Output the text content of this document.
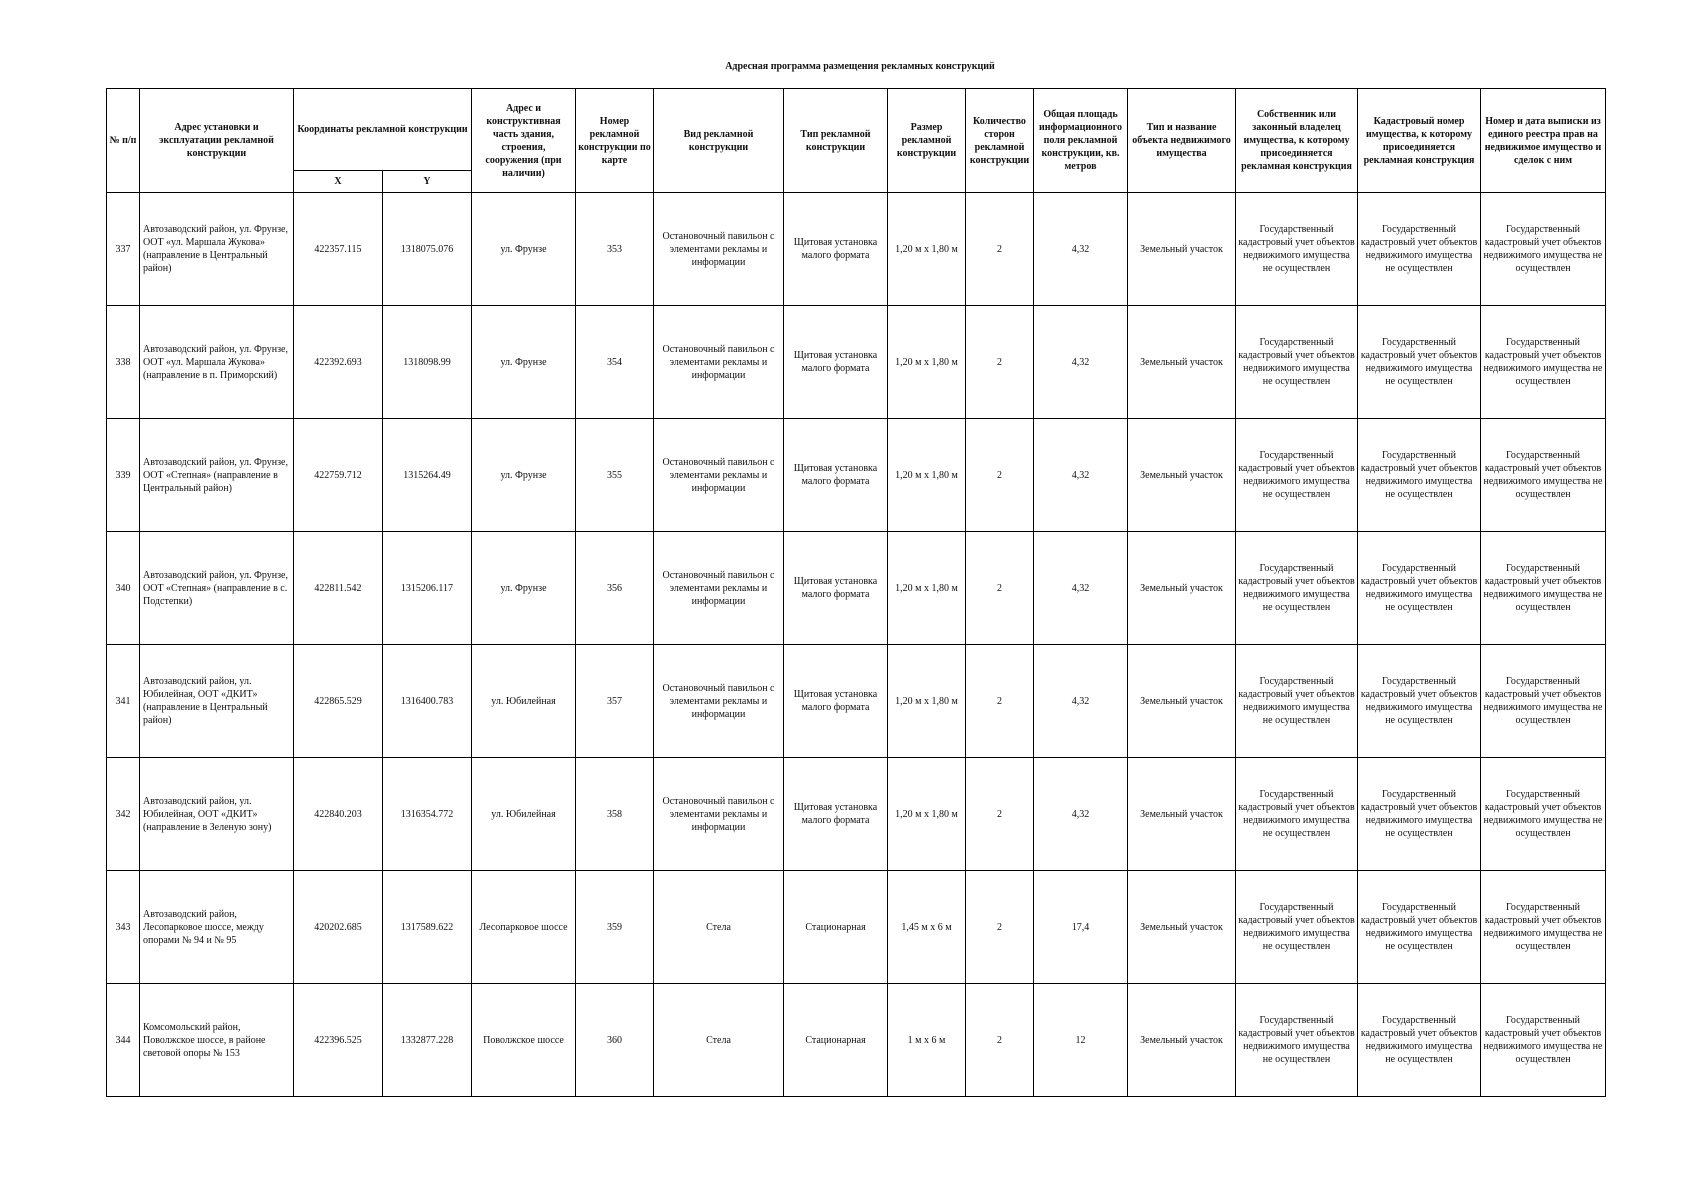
Адресная программа размещения рекламных конструкций
№ п/п	Адрес установки и эксплуатации рекламной конструкции	Координаты рекламной конструкции		Адрес и конструктивная часть здания, строения, сооружения (при наличии)	Номер рекламной конструкции по карте	Вид рекламной конструкции	Тип рекламной конструкции	Размер рекламной конструкции	Количество сторон рекламной конструкции	Общая площадь информационного поля рекламной конструкции, кв. метров	Тип и название объекта недвижимого имущества	Собственник или законный владелец имущества, к которому присоединяется рекламная конструкция	Кадастровый номер имущества, к которому присоединяется рекламная конструкция	Номер и дата выписки из единого реестра прав на недвижимое имущество и сделок с ним
		X	Y											
337	Автозаводский район, ул. Фрунзе, ООТ «ул. Маршала Жукова» (направление в Центральный район)	422357.115	1318075.076	ул. Фрунзе	353	Остановочный павильон с элементами рекламы и информации	Щитовая установка малого формата	1,20 м х 1,80 м	2	4,32	Земельный участок	Государственный кадастровый учет объектов недвижимого имущества не осуществлен	Государственный кадастровый учет объектов недвижимого имущества не осуществлен	Государственный кадастровый учет объектов недвижимого имущества не осуществлен
338	Автозаводский район, ул. Фрунзе, ООТ «ул. Маршала Жукова» (направление в п. Приморский)	422392.693	1318098.99	ул. Фрунзе	354	Остановочный павильон с элементами рекламы и информации	Щитовая установка малого формата	1,20 м х 1,80 м	2	4,32	Земельный участок	Государственный кадастровый учет объектов недвижимого имущества не осуществлен	Государственный кадастровый учет объектов недвижимого имущества не осуществлен	Государственный кадастровый учет объектов недвижимого имущества не осуществлен
339	Автозаводский район, ул. Фрунзе, ООТ «Степная» (направление в Центральный район)	422759.712	1315264.49	ул. Фрунзе	355	Остановочный павильон с элементами рекламы и информации	Щитовая установка малого формата	1,20 м х 1,80 м	2	4,32	Земельный участок	Государственный кадастровый учет объектов недвижимого имущества не осуществлен	Государственный кадастровый учет объектов недвижимого имущества не осуществлен	Государственный кадастровый учет объектов недвижимого имущества не осуществлен
340	Автозаводский район, ул. Фрунзе, ООТ «Степная» (направление в с. Подстепки)	422811.542	1315206.117	ул. Фрунзе	356	Остановочный павильон с элементами рекламы и информации	Щитовая установка малого формата	1,20 м х 1,80 м	2	4,32	Земельный участок	Государственный кадастровый учет объектов недвижимого имущества не осуществлен	Государственный кадастровый учет объектов недвижимого имущества не осуществлен	Государственный кадастровый учет объектов недвижимого имущества не осуществлен
341	Автозаводский район, ул. Юбилейная, ООТ «ДКИТ» (направление в Центральный район)	422865.529	1316400.783	ул. Юбилейная	357	Остановочный павильон с элементами рекламы и информации	Щитовая установка малого формата	1,20 м х 1,80 м	2	4,32	Земельный участок	Государственный кадастровый учет объектов недвижимого имущества не осуществлен	Государственный кадастровый учет объектов недвижимого имущества не осуществлен	Государственный кадастровый учет объектов недвижимого имущества не осуществлен
342	Автозаводский район, ул. Юбилейная, ООТ «ДКИТ» (направление в Зеленую зону)	422840.203	1316354.772	ул. Юбилейная	358	Остановочный павильон с элементами рекламы и информации	Щитовая установка малого формата	1,20 м х 1,80 м	2	4,32	Земельный участок	Государственный кадастровый учет объектов недвижимого имущества не осуществлен	Государственный кадастровый учет объектов недвижимого имущества не осуществлен	Государственный кадастровый учет объектов недвижимого имущества не осуществлен
343	Автозаводский район, Лесопарковое шоссе, между опорами № 94 и № 95	420202.685	1317589.622	Лесопарковое шоссе	359	Стела	Стационарная	1,45 м х 6 м	2	17,4	Земельный участок	Государственный кадастровый учет объектов недвижимого имущества не осуществлен	Государственный кадастровый учет объектов недвижимого имущества не осуществлен	Государственный кадастровый учет объектов недвижимого имущества не осуществлен
344	Комсомольский район, Поволжское шоссе, в районе световой опоры № 153	422396.525	1332877.228	Поволжское шоссе	360	Стела	Стационарная	1 м х 6 м	2	12	Земельный участок	Государственный кадастровый учет объектов недвижимого имущества не осуществлен	Государственный кадастровый учет объектов недвижимого имущества не осуществлен	Государственный кадастровый учет объектов недвижимого имущества не осуществлен
